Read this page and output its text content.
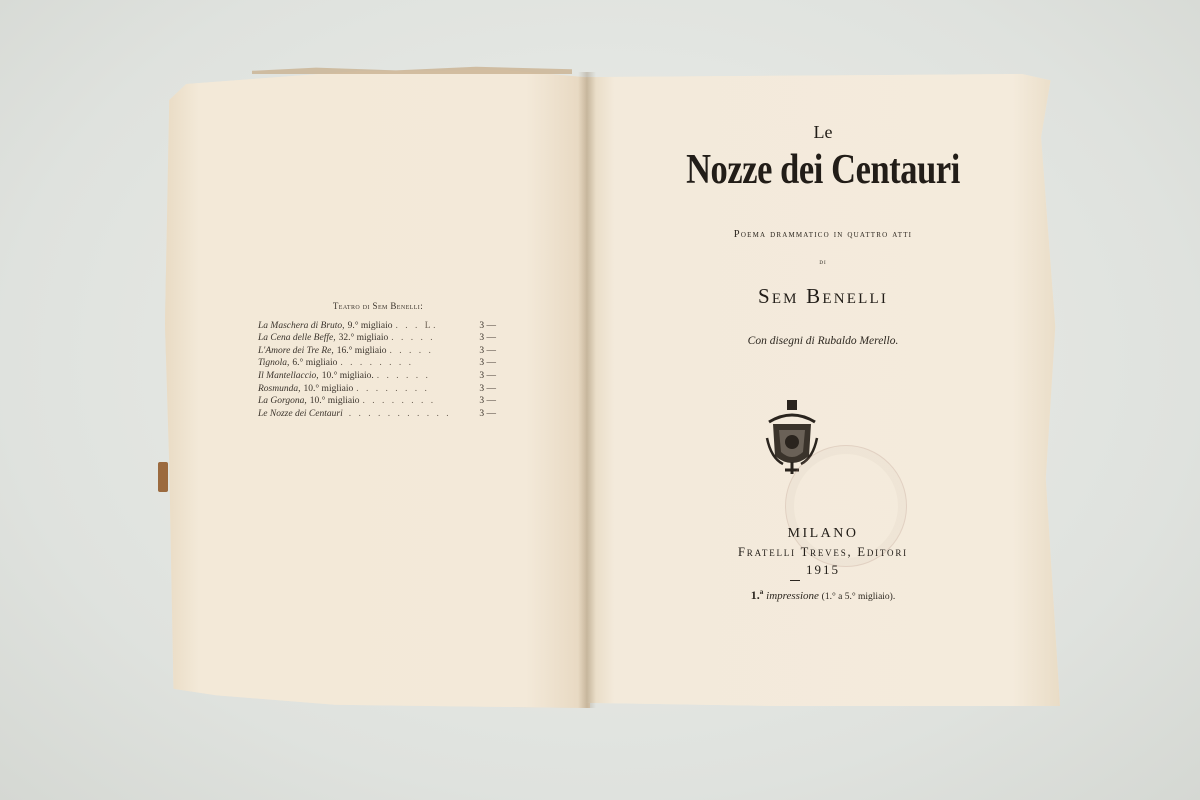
Teatro di Sem Benelli:
La Maschera di Bruto, 9.° migliaio . . . L.	3 —
La Cena delle Beffe, 32.° migliaio . . . . .	3 —
L'Amore dei Tre Re, 16.° migliaio . . . . .	3 —
Tignola, 6.° migliaio . . . . . . . .	3 —
Il Mantellaccio, 10.° migliaio. . . . . . .	3 —
Rosmunda, 10.° migliaio . . . . . . . .	3 —
La Gorgona, 10.° migliaio . . . . . . . .	3 —
Le Nozze dei Centauri . . . . . . . . . . .	3 —
Le
Nozze dei Centauri
Poema drammatico in quattro atti
di
Sem Benelli
Con disegni di Rubaldo Merello.
MILANO
Fratelli Treves, Editori
1915
1.ª impressione (1.° a 5.° migliaio).
